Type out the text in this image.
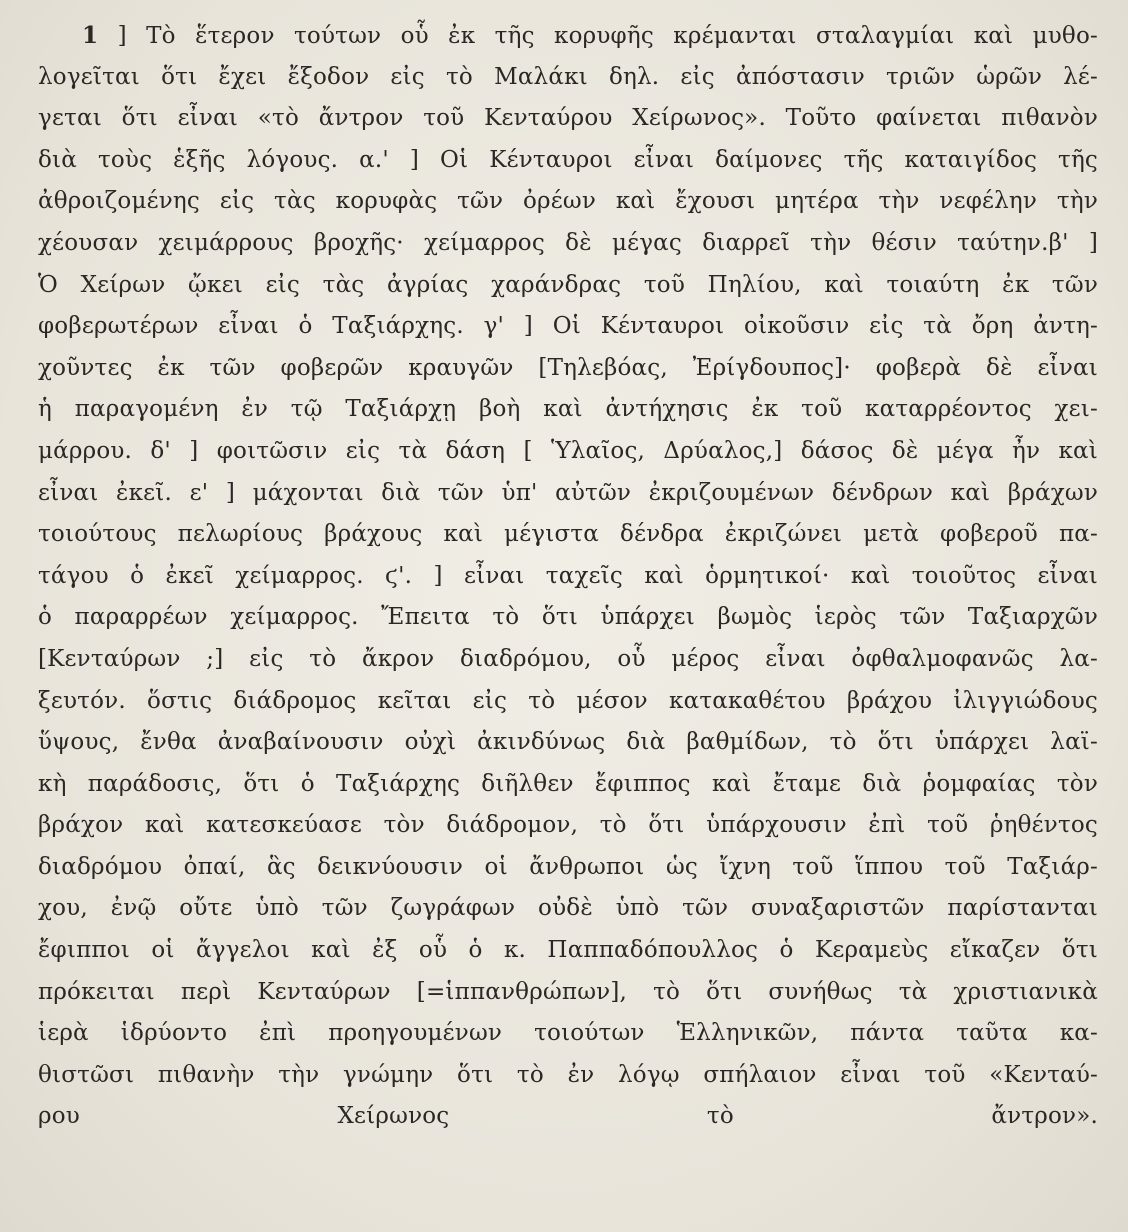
1 ] Τὸ ἕτερον τούτων οὗ ἐκ τῆς κορυφῆς κρέμανται σταλαγμίαι καὶ μυθο-
λογεῖται ὅτι ἔχει ἔξοδον εἰς τὸ Μαλάκι δηλ. εἰς ἀπόστασιν τριῶν ὡρῶν λέ-
γεται ὅτι εἶναι «τὸ ἄντρον τοῦ Κενταύρου Χείρωνος». Τοῦτο φαίνεται πιθανὸν
διὰ τοὺς ἑξῆς λόγους. α.' ] Οἱ Κένταυροι εἶναι δαίμονες τῆς καταιγίδος τῆς
ἀθροιζομένης εἰς τὰς κορυφὰς τῶν ὀρέων καὶ ἔχουσι μητέρα τὴν νεφέλην τὴν
χέουσαν χειμάρρους βροχῆς· χείμαρρος δὲ μέγας διαρρεῖ τὴν θέσιν ταύτην.β' ]
Ὁ Χείρων ᾤκει εἰς τὰς ἀγρίας χαράνδρας τοῦ Πηλίου, καὶ τοιαύτη ἐκ τῶν
φοβερωτέρων εἶναι ὁ Ταξιάρχης. γ' ] Οἱ Κένταυροι οἰκοῦσιν εἰς τὰ ὄρη ἀντη-
χοῦντες ἐκ τῶν φοβερῶν κραυγῶν [Τηλεβόας, Ἐρίγδουπος]· φοβερὰ δὲ εἶναι
ἡ παραγομένη ἐν τῷ Ταξιάρχῃ βοὴ καὶ ἀντήχησις ἐκ τοῦ καταρρέοντος χει-
μάρρου. δ' ] φοιτῶσιν εἰς τὰ δάση [ Ὑλαῖος, Δρύαλος,] δάσος δὲ μέγα ἦν καὶ
εἶναι ἐκεῖ. ε' ] μάχονται διὰ τῶν ὑπ' αὐτῶν ἐκριζουμένων δένδρων καὶ βράχων
τοιούτους πελωρίους βράχους καὶ μέγιστα δένδρα ἐκριζώνει μετὰ φοβεροῦ πα-
τάγου ὁ ἐκεῖ χείμαρρος. ϛ'. ] εἶναι ταχεῖς καὶ ὁρμητικοί· καὶ τοιοῦτος εἶναι
ὁ παραρρέων χείμαρρος. Ἔπειτα τὸ ὅτι ὑπάρχει βωμὸς ἱερὸς τῶν Ταξιαρχῶν
[Κενταύρων ;] εἰς τὸ ἄκρον διαδρόμου, οὗ μέρος εἶναι ὀφθαλμοφανῶς λα-
ξευτόν. ὅστις διάδρομος κεῖται εἰς τὸ μέσον κατακαθέτου βράχου ἰλιγγιώδους
ὕψους, ἔνθα ἀναβαίνουσιν οὐχὶ ἀκινδύνως διὰ βαθμίδων, τὸ ὅτι ὑπάρχει λαϊ-
κὴ παράδοσις, ὅτι ὁ Ταξιάρχης διῆλθεν ἔφιππος καὶ ἔταμε διὰ ῥομφαίας τὸν
βράχον καὶ κατεσκεύασε τὸν διάδρομον, τὸ ὅτι ὑπάρχουσιν ἐπὶ τοῦ ῥηθέντος
διαδρόμου ὀπαί, ἃς δεικνύουσιν οἱ ἄνθρωποι ὡς ἴχνη τοῦ ἵππου τοῦ Ταξιάρ-
χου, ἐνῷ οὔτε ὑπὸ τῶν ζωγράφων οὐδὲ ὑπὸ τῶν συναξαριστῶν παρίστανται
ἔφιπποι οἱ ἄγγελοι καὶ ἐξ οὗ ὁ κ. Παππαδόπουλλος ὁ Κεραμεὺς εἴκαζεν ὅτι
πρόκειται περὶ Κενταύρων [=ἱππανθρώπων], τὸ ὅτι συνήθως τὰ χριστιανικὰ
ἱερὰ ἱδρύοντο ἐπὶ προηγουμένων τοιούτων Ἑλληνικῶν, πάντα ταῦτα κα-
θιστῶσι πιθανὴν τὴν γνώμην ὅτι τὸ ἐν λόγῳ σπήλαιον εἶναι τοῦ «Κενταύ-
ρου Χείρωνος τὸ ἄντρον».
